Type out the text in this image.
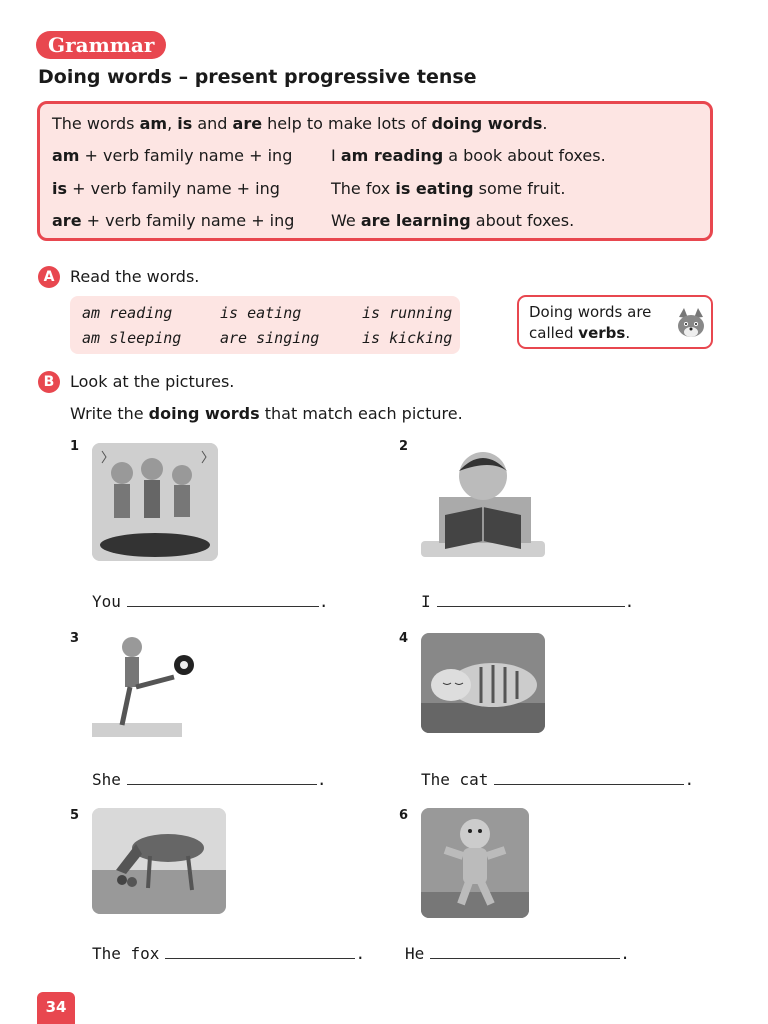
Grammar
Doing words – present progressive tense
The words am, is and are help to make lots of doing words.
am + verb family name + ing I am reading a book about foxes.
is + verb family name + ing	The fox is eating some fruit.
are + verb family name + ing We are learning about foxes.
A Read the words.
am reading	is eating	is running
am sleeping	are singing	is kicking
Doing words are
called verbs.
B Look at the pictures.
Write the doing words that match each picture.
1
You	.
2
I	.
3
She	.
4
The cat	.
5
The fox	.
6
He	.
34
